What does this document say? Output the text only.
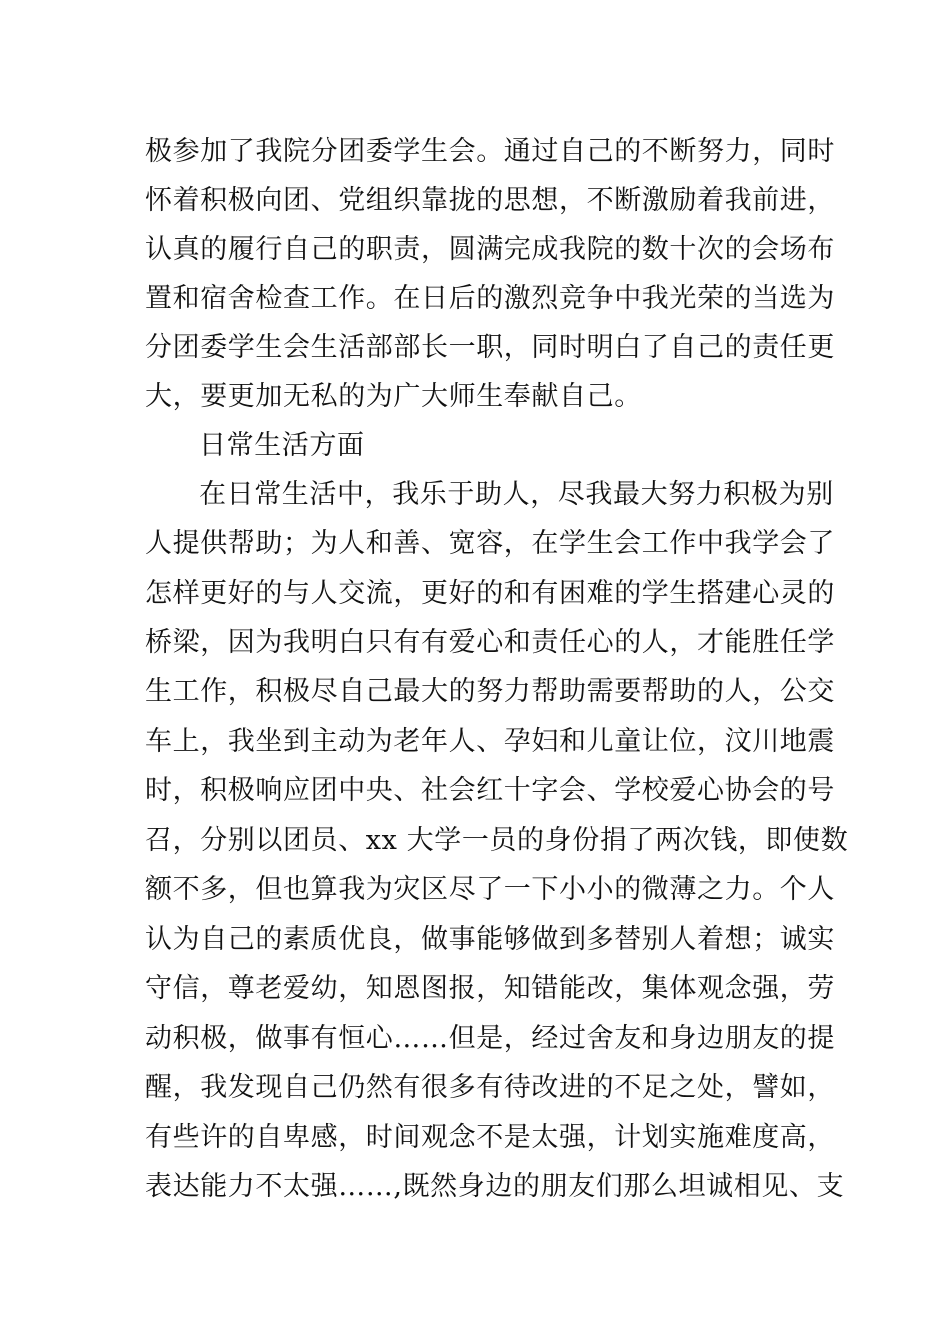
极参加了我院分团委学生会。通过自己的不断努力，同时
怀着积极向团、党组织靠拢的思想，不断激励着我前进，
认真的履行自己的职责，圆满完成我院的数十次的会场布
置和宿舍检查工作。在日后的激烈竞争中我光荣的当选为
分团委学生会生活部部长一职，同时明白了自己的责任更
大，要更加无私的为广大师生奉献自己。
日常生活方面
在日常生活中，我乐于助人，尽我最大努力积极为别
人提供帮助；为人和善、宽容，在学生会工作中我学会了
怎样更好的与人交流，更好的和有困难的学生搭建心灵的
桥梁，因为我明白只有有爱心和责任心的人，才能胜任学
生工作，积极尽自己最大的努力帮助需要帮助的人，公交
车上，我坐到主动为老年人、孕妇和儿童让位，汶川地震
时，积极响应团中央、社会红十字会、学校爱心协会的号
召，分别以团员、xx 大学一员的身份捐了两次钱，即使数
额不多，但也算我为灾区尽了一下小小的微薄之力。个人
认为自己的素质优良，做事能够做到多替别人着想；诚实
守信，尊老爱幼，知恩图报，知错能改，集体观念强，劳
动积极，做事有恒心……但是，经过舍友和身边朋友的提
醒，我发现自己仍然有很多有待改进的不足之处，譬如，
有些许的自卑感，时间观念不是太强，计划实施难度高，
表达能力不太强……,既然身边的朋友们那么坦诚相见、支
